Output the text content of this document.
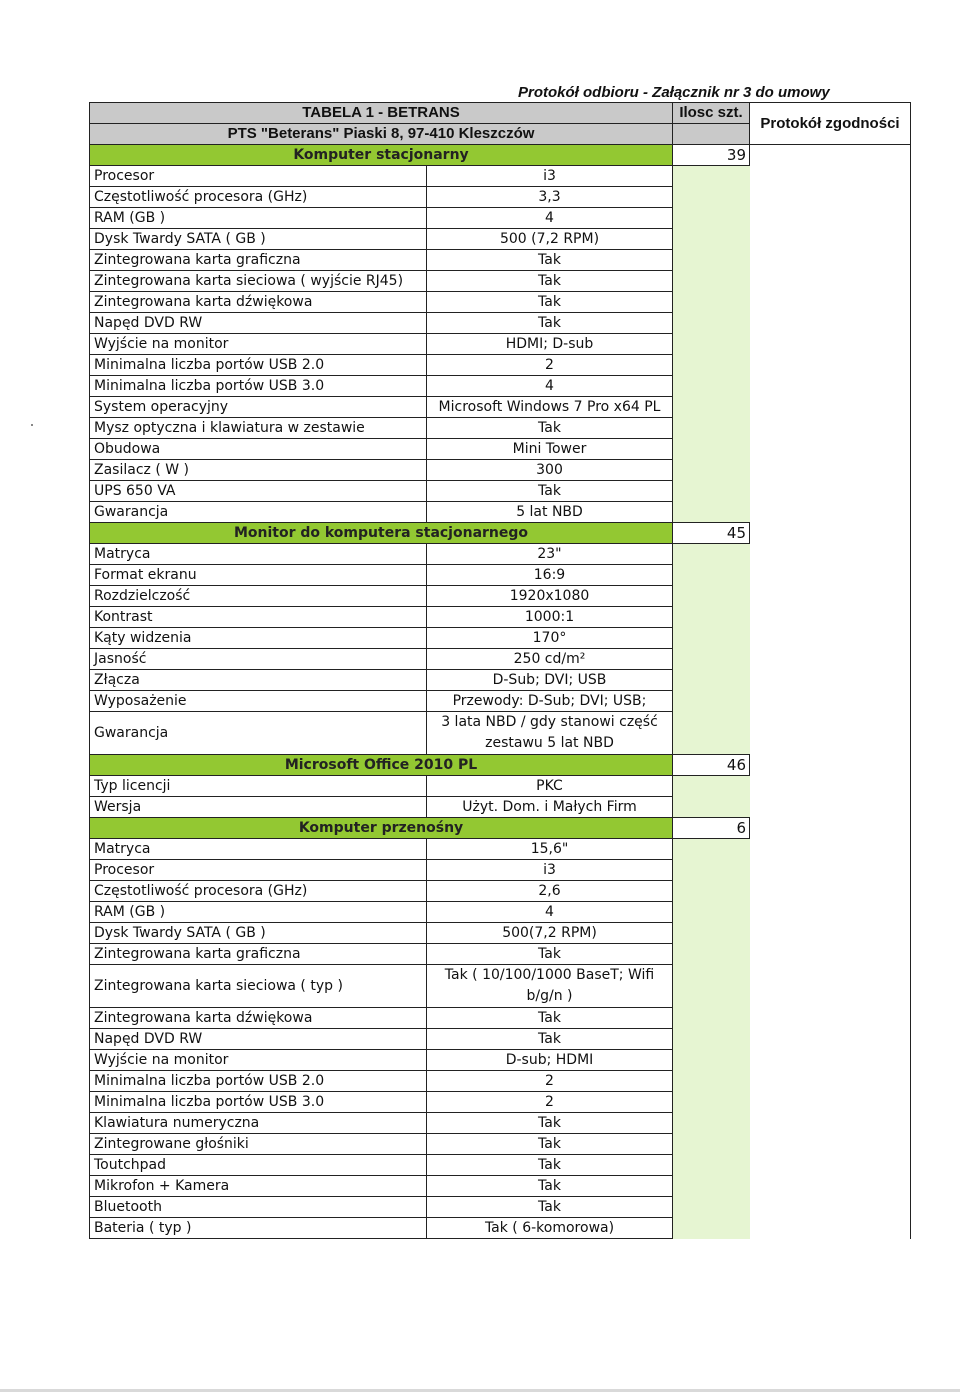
Protokół odbioru - Załącznik nr 3 do umowy
TABELA 1 - BETRANS		Ilosc szt.	Protokół zgodności
PTS "Beterans" Piaski 8, 97-410 Kleszczów			
Komputer stacjonarny		39	
Procesor	i3		
Częstotliwość procesora (GHz)	3,3		
RAM (GB )	4		
Dysk Twardy SATA ( GB )	500 (7,2 RPM)		
Zintegrowana karta graficzna	Tak		
Zintegrowana karta sieciowa ( wyjście RJ45)	Tak		
Zintegrowana karta dźwiękowa	Tak		
Napęd DVD RW	Tak		
Wyjście na monitor	HDMI; D-sub		
Minimalna liczba portów USB 2.0	2		
Minimalna liczba portów USB 3.0	4		
System operacyjny	Microsoft Windows 7 Pro x64 PL		
Mysz optyczna i klawiatura w zestawie	Tak		
Obudowa	Mini Tower		
Zasilacz ( W )	300		
UPS 650 VA	Tak		
Gwarancja	5 lat NBD		
Monitor do komputera stacjonarnego		45	
Matryca	23"		
Format ekranu	16:9		
Rozdzielczość	1920x1080		
Kontrast	1000:1		
Kąty widzenia	170°		
Jasność	250 cd/m²		
Złącza	D-Sub; DVI; USB		
Wyposażenie	Przewody: D-Sub; DVI; USB;		
Gwarancja	3 lata NBD / gdy stanowi część zestawu 5 lat NBD		
Microsoft Office 2010 PL		46	
Typ licencji	PKC		
Wersja	Użyt. Dom. i Małych Firm		
Komputer przenośny		6	
Matryca	15,6"		
Procesor	i3		
Częstotliwość procesora (GHz)	2,6		
RAM (GB )	4		
Dysk Twardy SATA ( GB )	500(7,2 RPM)		
Zintegrowana karta graficzna	Tak		
Zintegrowana karta sieciowa ( typ )	Tak ( 10/100/1000 BaseT; Wifi b/g/n )		
Zintegrowana karta dźwiękowa	Tak		
Napęd DVD RW	Tak		
Wyjście na monitor	D-sub; HDMI		
Minimalna liczba portów USB 2.0	2		
Minimalna liczba portów USB 3.0	2		
Klawiatura numeryczna	Tak		
Zintegrowane głośniki	Tak		
Toutchpad	Tak		
Mikrofon + Kamera	Tak		
Bluetooth	Tak		
Bateria ( typ )	Tak ( 6-komorowa)		
